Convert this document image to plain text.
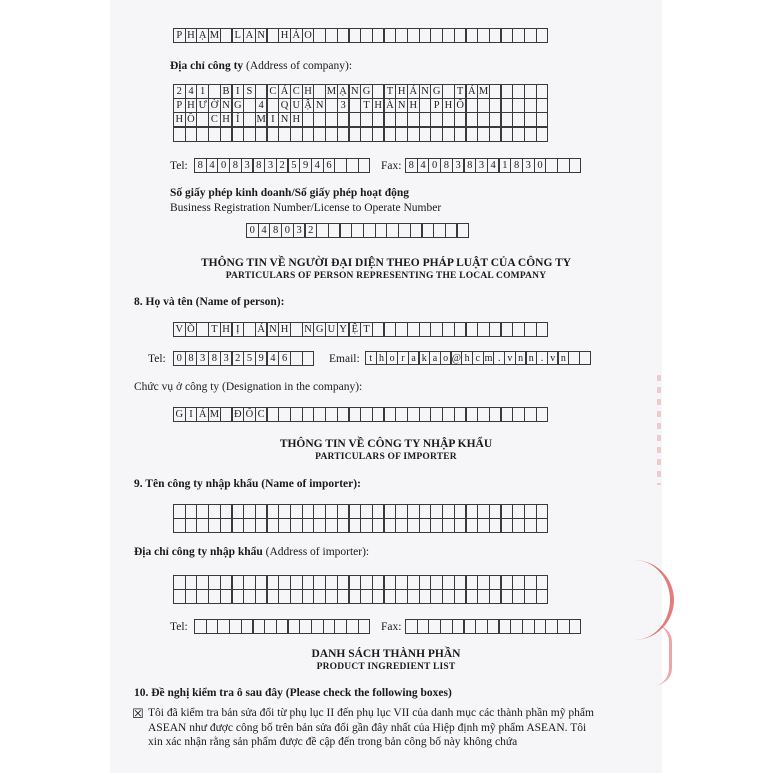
P H Ạ M L A N H Ả O
Địa chỉ công ty (Address of company):
2 4 1	B I S	C Á C H M Ạ N G T H Á N G T Á M
P H Ư Ờ N G	4	Q U Ậ N	3	T H À N H	P H Ố
H Ồ C H Í	M I N H
Tel: 8 4 0 8 3 8 3 2 5 9 4 6	Fax: 8 4 0 8 3 8 3 4 1 8 3 0
Số giấy phép kinh doanh/Số giấy phép hoạt động
Business Registration Number/License to Operate Number
0 4 8 0 3 2
THÔNG TIN VỀ NGƯỜI ĐẠI DIỆN THEO PHÁP LUẬT CỦA CÔNG TY
PARTICULARS OF PERSON REPRESENTING THE LOCAL COMPANY
8. Họ và tên (Name of person):
V Õ T H Ị	Á N H N G U Y Ệ T
Tel:	0 8 3 8 3 2 5 9 4 6	Email: t h o r a k a o @ h c m . v n n . v n
Chức vụ ở công ty (Designation in the company):
G I Á M Đ Ố C
THÔNG TIN VỀ CÔNG TY NHẬP KHẨU
PARTICULARS OF IMPORTER
9. Tên công ty nhập khẩu (Name of importer):
Địa chỉ công ty nhập khẩu (Address of importer):
Tel:	Fax:
DANH SÁCH THÀNH PHẦN
PRODUCT INGREDIENT LIST
10. Đề nghị kiểm tra ô sau đây (Please check the following boxes)
☒ Tôi đã kiểm tra bản sửa đổi từ phụ lục II đến phụ lục VII của danh mục các thành phần mỹ phẩm ASEAN như được công bố trên bản sửa đổi gần đây nhất của Hiệp định mỹ phẩm ASEAN. Tôi xin xác nhận rằng sản phẩm được đề cập đến trong bản công bố này không chứa
